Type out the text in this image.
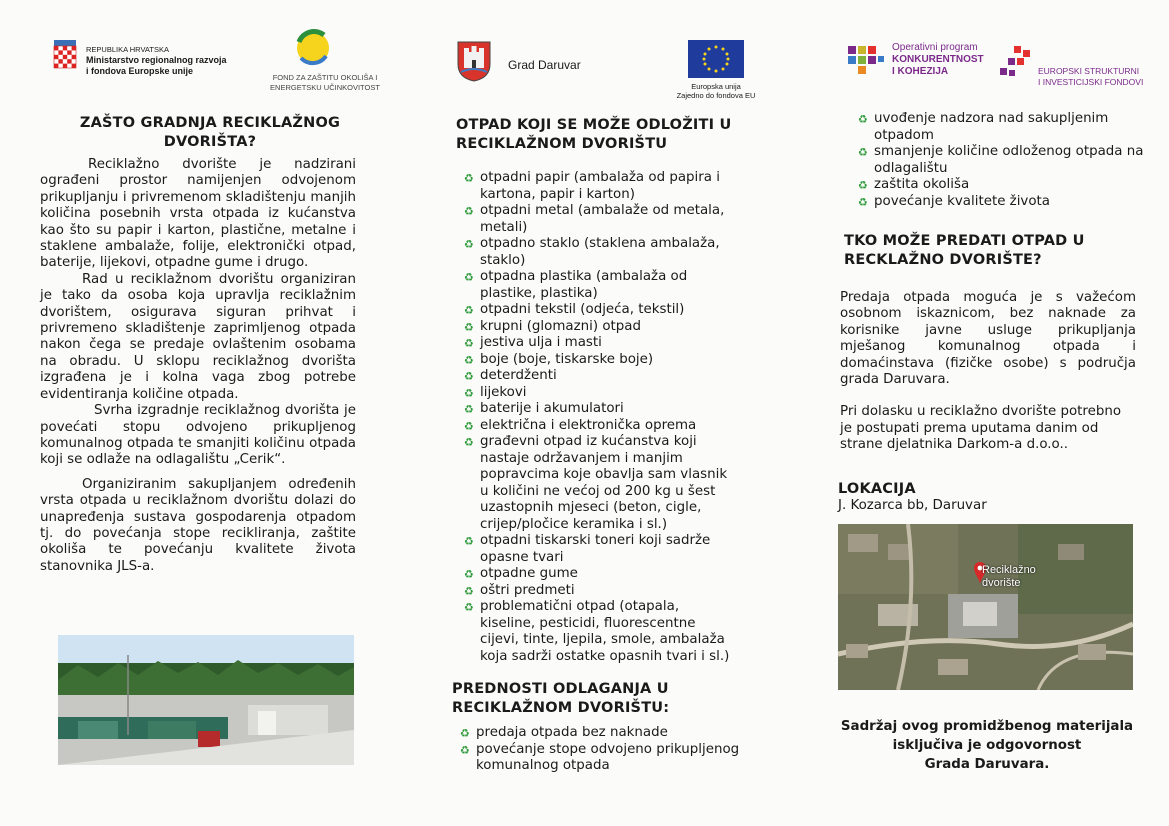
REPUBLIKA HRVATSKA
Ministarstvo regionalnog razvoja
i fondova Europske unije
FOND ZA ZAŠTITU OKOLIŠA I
ENERGETSKU UČINKOVITOST
ZAŠTO GRADNJA RECIKLAŽNOG
DVORIŠTA?

Reciklažno dvorište je nadzirani ograđeni prostor namijenjen odvojenom prikupljanju i privremenom skladištenju manjih količina posebnih vrsta otpada iz kućanstva kao što su papir i karton, plastične, metalne i staklene ambalaže, folije, elektronički otpad, baterije, lijekovi, otpadne gume i drugo.

Rad u reciklažnom dvorištu organiziran je tako da osoba koja upravlja reciklažnim dvorištem, osigurava siguran prihvat i privremeno skladištenje zaprimljenog otpada nakon čega se predaje ovlaštenim osobama na obradu. U sklopu reciklažnog dvorišta izgrađena je i kolna vaga zbog potrebe evidentiranja količine otpada.

Svrha izgradnje reciklažnog dvorišta je povećati stopu odvojeno prikupljenog komunalnog otpada te smanjiti količinu otpada koji se odlaže na odlagalištu „Cerik“.

Organiziranim sakupljanjem određenih vrsta otpada u reciklažnom dvorištu dolazi do unapređenja sustava gospodarenja otpadom tj. do povećanja stope recikliranja, zaštite okoliša te povećanju kvalitete života stanovnika JLS-a.

Grad Daruvar
Europska unija
Zajedno do fondova EU
OTPAD KOJI SE MOŽE ODLOŽITI U
RECIKLAŽNOM DVORIŠTU
♻ otpadni papir (ambalaža od papira i kartona, papir i karton)
♻ otpadni metal (ambalaže od metala, metali)
♻ otpadno staklo (staklena ambalaža, staklo)
♻ otpadna plastika (ambalaža od plastike, plastika)
♻ otpadni tekstil (odjeća, tekstil)
♻ krupni (glomazni) otpad
♻ jestiva ulja i masti
♻ boje (boje, tiskarske boje)
♻ deterdženti
♻ lijekovi
♻ baterije i akumulatori
♻ električna i elektronička oprema
♻ građevni otpad iz kućanstva koji nastaje održavanjem i manjim popravcima koje obavlja sam vlasnik u količini ne većoj od 200 kg u šest uzastopnih mjeseci (beton, cigle, crijep/pločice keramika i sl.)
♻ otpadni tiskarski toneri koji sadrže opasne tvari
♻ otpadne gume
♻ oštri predmeti
♻ problematični otpad (otapala, kiseline, pesticidi, fluorescentne cijevi, tinte, ljepila, smole, ambalaža koja sadrži ostatke opasnih tvari i sl.)
PREDNOSTI ODLAGANJA U
RECIKLAŽNOM DVORIŠTU:
♻ predaja otpada bez naknade
♻ povećanje stope odvojeno prikupljenog komunalnog otpada
Operativni program
KONKURENTNOST
I KOHEZIJA	EUROPSKI STRUKTURNI
I INVESTICIJSKI FONDOVI
♻ uvođenje nadzora nad sakupljenim otpadom
♻ smanjenje količine odloženog otpada na odlagalištu
♻ zaštita okoliša
♻ povećanje kvalitete života
TKO MOŽE PREDATI OTPAD U
RECKLAŽNO DVORIŠTE?

Predaja otpada moguća je s važećom osobnom iskaznicom, bez naknade za korisnike javne usluge prikupljanja mješanog komunalnog otpada i domaćinstava (fizičke osobe) s područja grada Daruvara.

Pri dolasku u reciklažno dvorište potrebno je postupati prema uputama danim od strane djelatnika Darkom-a d.o.o..

LOKACIJA

J. Kozarca bb, Daruvar

Reciklažno
dvorište
Sadržaj ovog promidžbenog materijala
isključiva je odgovornost
Grada Daruvara.
